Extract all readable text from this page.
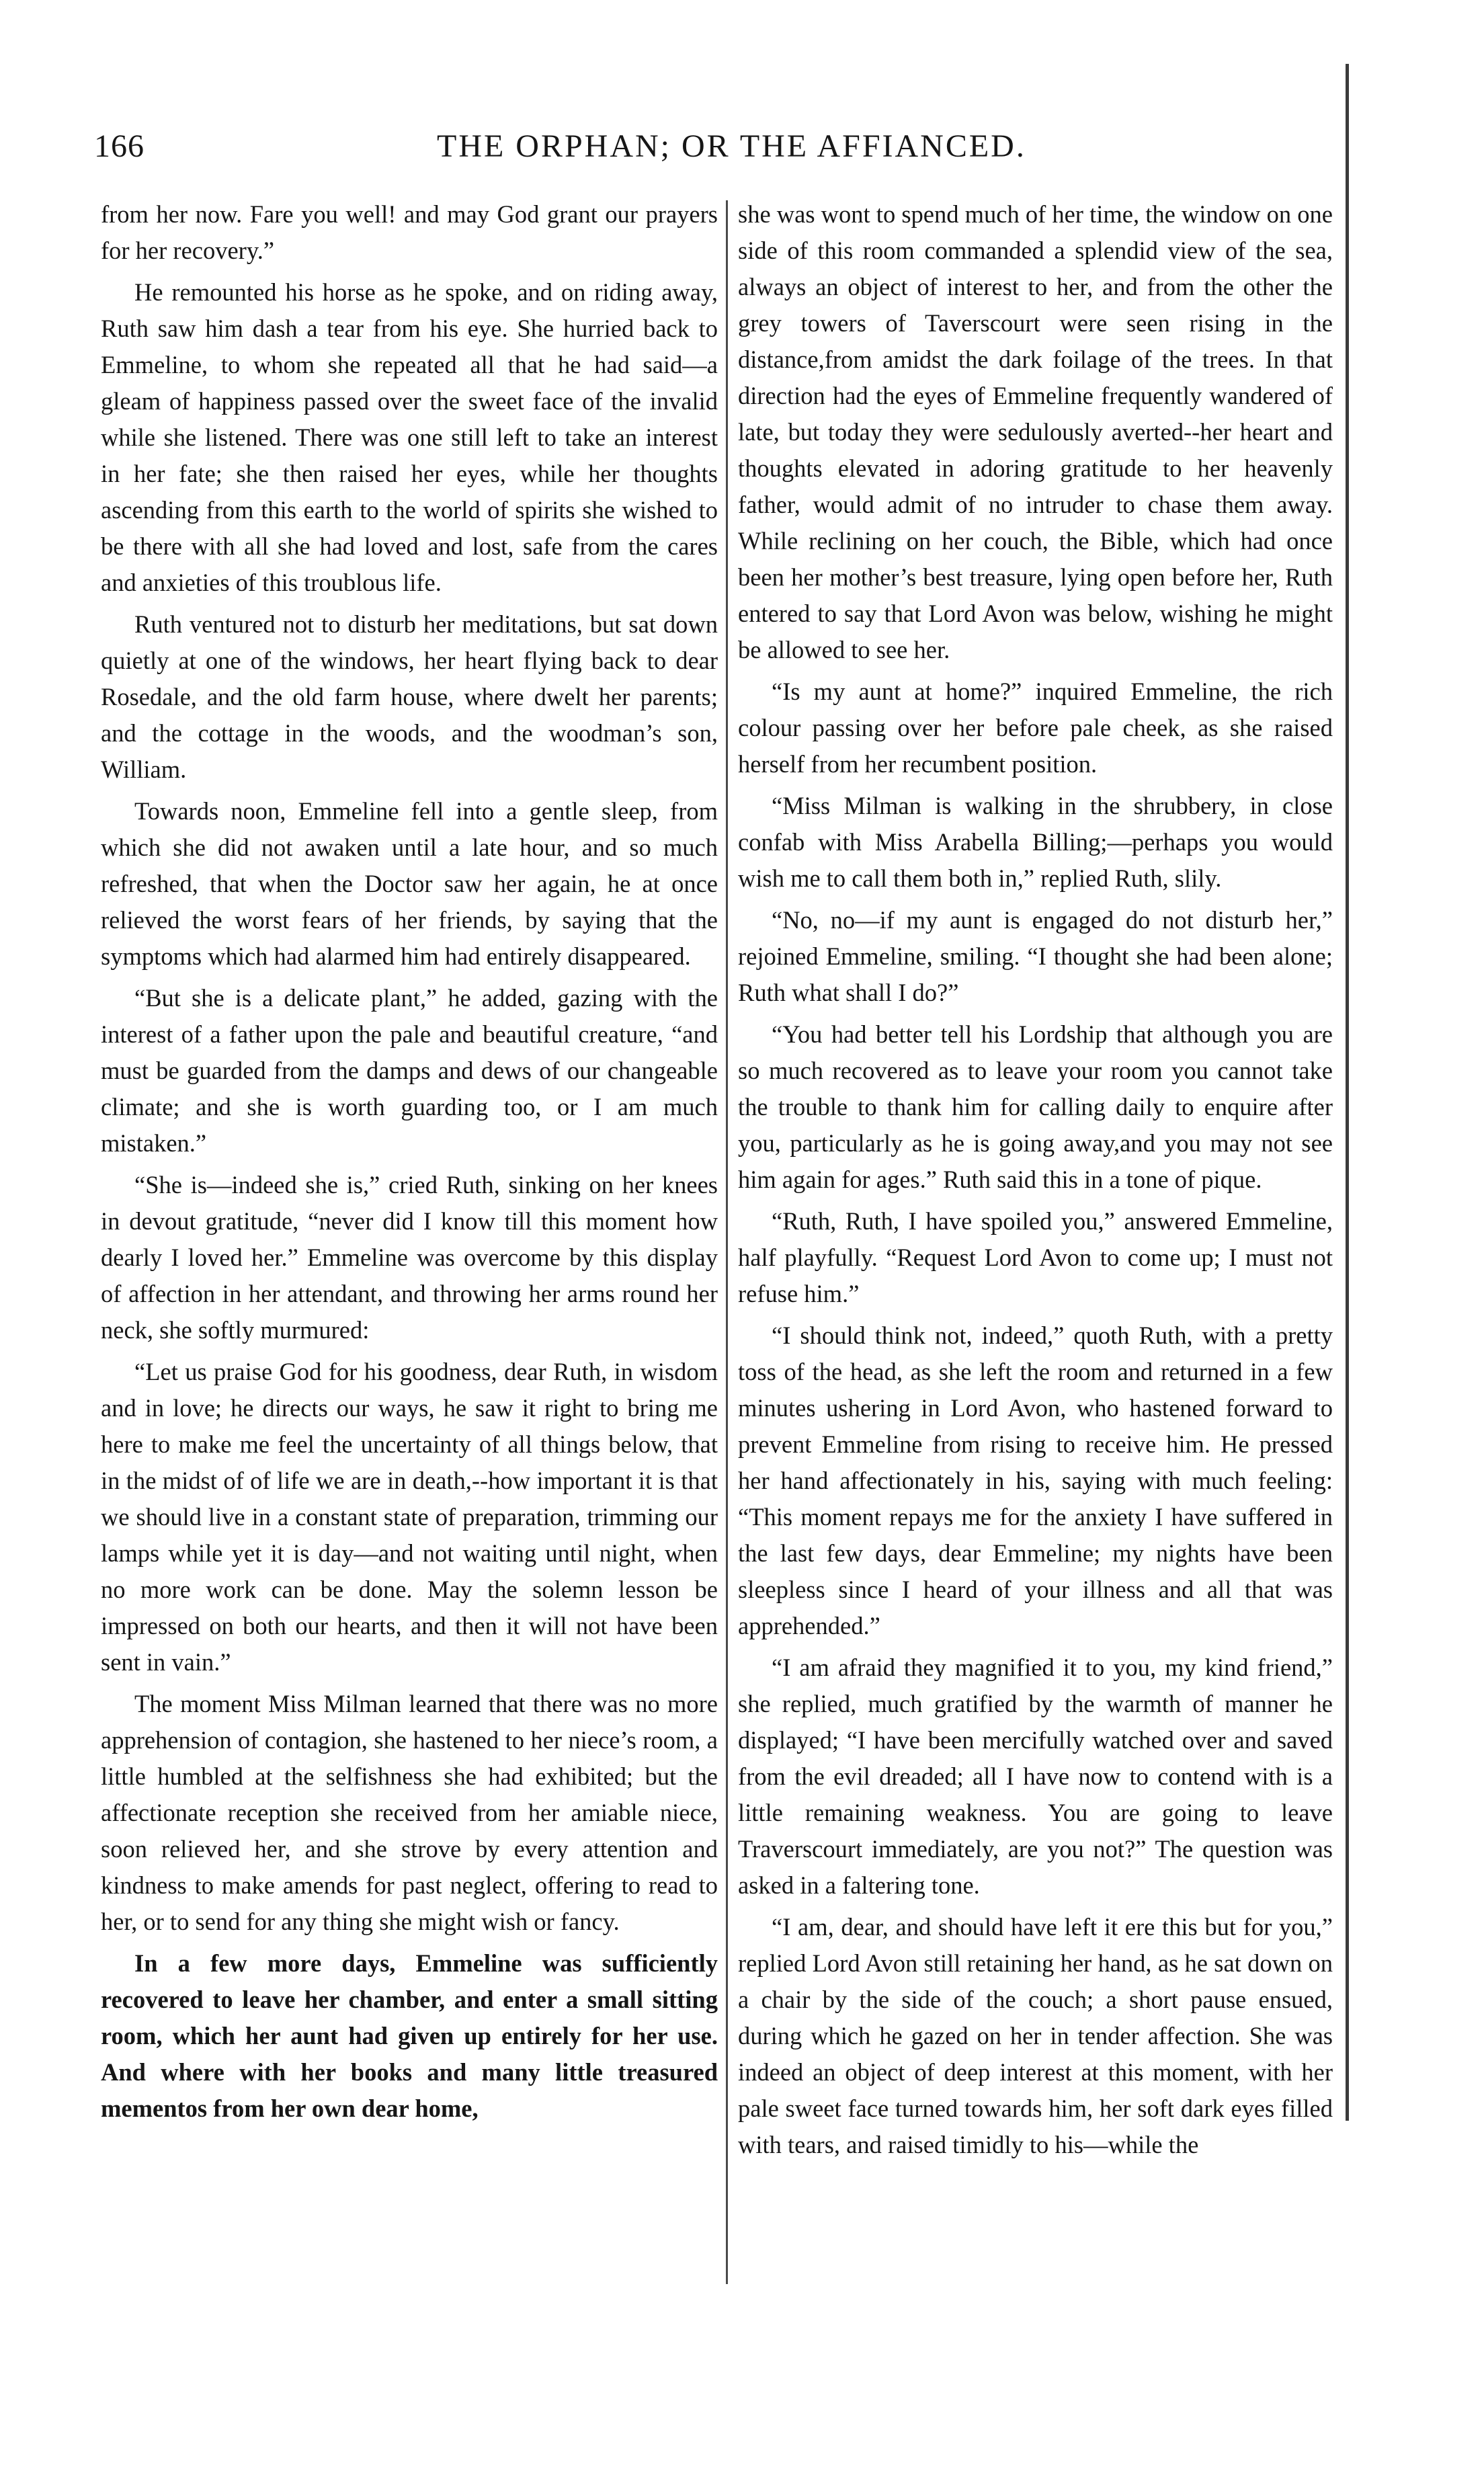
166	THE ORPHAN; OR THE AFFIANCED.

from her now. Fare you well! and may God grant our prayers for her recovery.”

He remounted his horse as he spoke, and on riding away, Ruth saw him dash a tear from his eye. She hurried back to Emmeline, to whom she repeated all that he had said—a gleam of happiness passed over the sweet face of the invalid while she listened. There was one still left to take an interest in her fate; she then raised her eyes, while her thoughts ascending from this earth to the world of spirits she wished to be there with all she had loved and lost, safe from the cares and anxieties of this troublous life.

Ruth ventured not to disturb her meditations, but sat down quietly at one of the windows, her heart flying back to dear Rosedale, and the old farm house, where dwelt her parents; and the cottage in the woods, and the woodman’s son, William.

Towards noon, Emmeline fell into a gentle sleep, from which she did not awaken until a late hour, and so much refreshed, that when the Doctor saw her again, he at once relieved the worst fears of her friends, by saying that the symptoms which had alarmed him had entirely disappeared.

“But she is a delicate plant,” he added, gazing with the interest of a father upon the pale and beautiful creature, “and must be guarded from the damps and dews of our changeable climate; and she is worth guarding too, or I am much mistaken.”

“She is—indeed she is,” cried Ruth, sinking on her knees in devout gratitude, “never did I know till this moment how dearly I loved her.” Emmeline was overcome by this display of affection in her attendant, and throwing her arms round her neck, she softly murmured:

“Let us praise God for his goodness, dear Ruth, in wisdom and in love; he directs our ways, he saw it right to bring me here to make me feel the uncertainty of all things below, that in the midst of of life we are in death,--how important it is that we should live in a constant state of preparation, trimming our lamps while yet it is day—and not waiting until night, when no more work can be done. May the solemn lesson be impressed on both our hearts, and then it will not have been sent in vain.”

The moment Miss Milman learned that there was no more apprehension of contagion, she hastened to her niece’s room, a little humbled at the selfishness she had exhibited; but the affectionate reception she received from her amiable niece, soon relieved her, and she strove by every attention and kindness to make amends for past neglect, offering to read to her, or to send for any thing she might wish or fancy.

In a few more days, Emmeline was sufficiently recovered to leave her chamber, and enter a small sitting room, which her aunt had given up entirely for her use. And where with her books and many little treasured mementos from her own dear home,

she was wont to spend much of her time, the window on one side of this room commanded a splendid view of the sea, always an object of interest to her, and from the other the grey towers of Taverscourt were seen rising in the distance,from amidst the dark foilage of the trees. In that direction had the eyes of Emmeline frequently wandered of late, but today they were sedulously averted--her heart and thoughts elevated in adoring gratitude to her heavenly father, would admit of no intruder to chase them away. While reclining on her couch, the Bible, which had once been her mother’s best treasure, lying open before her, Ruth entered to say that Lord Avon was below, wishing he might be allowed to see her.

“Is my aunt at home?” inquired Emmeline, the rich colour passing over her before pale cheek, as she raised herself from her recumbent position.

“Miss Milman is walking in the shrubbery, in close confab with Miss Arabella Billing;—perhaps you would wish me to call them both in,” replied Ruth, slily.

“No, no—if my aunt is engaged do not disturb her,” rejoined Emmeline, smiling. “I thought she had been alone; Ruth what shall I do?”

“You had better tell his Lordship that although you are so much recovered as to leave your room you cannot take the trouble to thank him for calling daily to enquire after you, particularly as he is going away,and you may not see him again for ages.” Ruth said this in a tone of pique.

“Ruth, Ruth, I have spoiled you,” answered Emmeline, half playfully. “Request Lord Avon to come up; I must not refuse him.”

“I should think not, indeed,” quoth Ruth, with a pretty toss of the head, as she left the room and returned in a few minutes ushering in Lord Avon, who hastened forward to prevent Emmeline from rising to receive him. He pressed her hand affectionately in his, saying with much feeling: “This moment repays me for the anxiety I have suffered in the last few days, dear Emmeline; my nights have been sleepless since I heard of your illness and all that was apprehended.”

“I am afraid they magnified it to you, my kind friend,” she replied, much gratified by the warmth of manner he displayed; “I have been mercifully watched over and saved from the evil dreaded; all I have now to contend with is a little remaining weakness. You are going to leave Traverscourt immediately, are you not?” The question was asked in a faltering tone.

“I am, dear, and should have left it ere this but for you,” replied Lord Avon still retaining her hand, as he sat down on a chair by the side of the couch; a short pause ensued, during which he gazed on her in tender affection. She was indeed an object of deep interest at this moment, with her pale sweet face turned towards him, her soft dark eyes filled with tears, and raised timidly to his—while the
